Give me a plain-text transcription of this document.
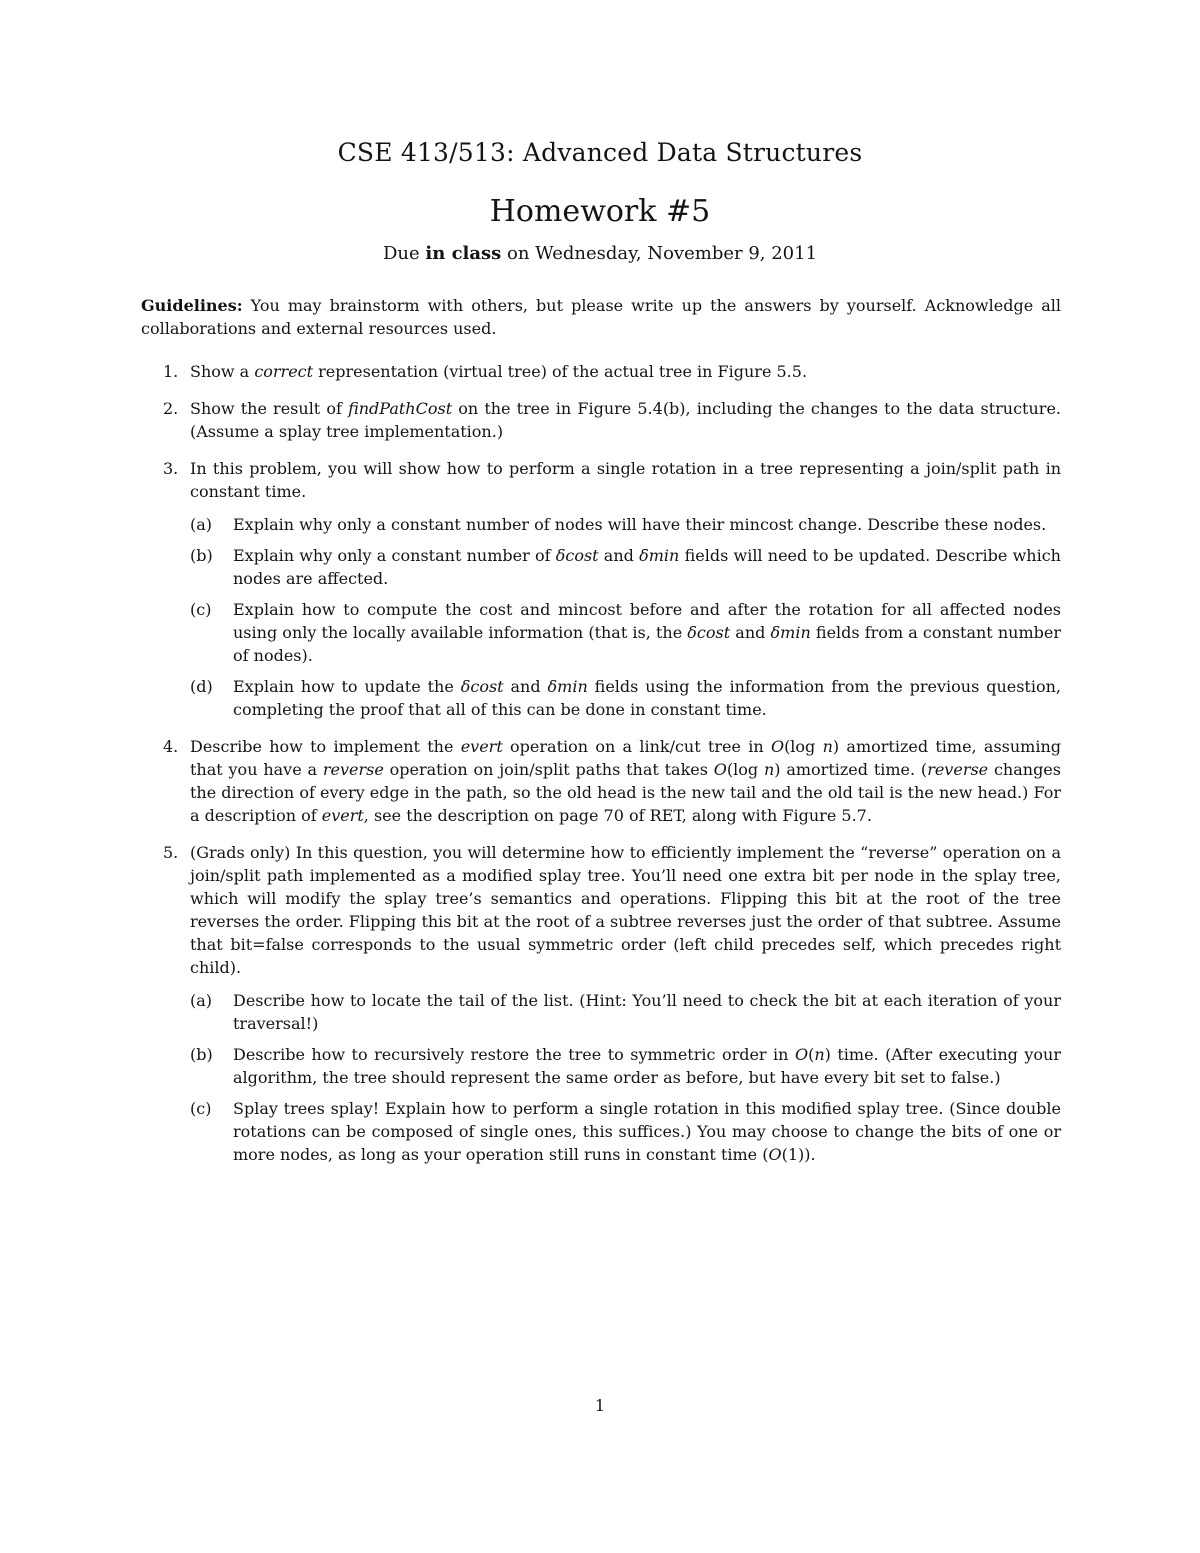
CSE 413/513: Advanced Data Structures
Homework #5
Due in class on Wednesday, November 9, 2011
Guidelines: You may brainstorm with others, but please write up the answers by yourself. Acknowledge all collaborations and external resources used.
1. Show a correct representation (virtual tree) of the actual tree in Figure 5.5.
2. Show the result of findPathCost on the tree in Figure 5.4(b), including the changes to the data structure. (Assume a splay tree implementation.)
3. In this problem, you will show how to perform a single rotation in a tree representing a join/split path in constant time.
(a) Explain why only a constant number of nodes will have their mincost change. Describe these nodes.
(b) Explain why only a constant number of δcost and δmin fields will need to be updated. Describe which nodes are affected.
(c) Explain how to compute the cost and mincost before and after the rotation for all affected nodes using only the locally available information (that is, the δcost and δmin fields from a constant number of nodes).
(d) Explain how to update the δcost and δmin fields using the information from the previous question, completing the proof that all of this can be done in constant time.
4. Describe how to implement the evert operation on a link/cut tree in O(log n) amortized time, assuming that you have a reverse operation on join/split paths that takes O(log n) amortized time. (reverse changes the direction of every edge in the path, so the old head is the new tail and the old tail is the new head.) For a description of evert, see the description on page 70 of RET, along with Figure 5.7.
5. (Grads only) In this question, you will determine how to efficiently implement the “reverse” operation on a join/split path implemented as a modified splay tree. You’ll need one extra bit per node in the splay tree, which will modify the splay tree’s semantics and operations. Flipping this bit at the root of the tree reverses the order. Flipping this bit at the root of a subtree reverses just the order of that subtree. Assume that bit=false corresponds to the usual symmetric order (left child precedes self, which precedes right child).
(a) Describe how to locate the tail of the list. (Hint: You’ll need to check the bit at each iteration of your traversal!)
(b) Describe how to recursively restore the tree to symmetric order in O(n) time. (After executing your algorithm, the tree should represent the same order as before, but have every bit set to false.)
(c) Splay trees splay! Explain how to perform a single rotation in this modified splay tree. (Since double rotations can be composed of single ones, this suffices.) You may choose to change the bits of one or more nodes, as long as your operation still runs in constant time (O(1)).
1
